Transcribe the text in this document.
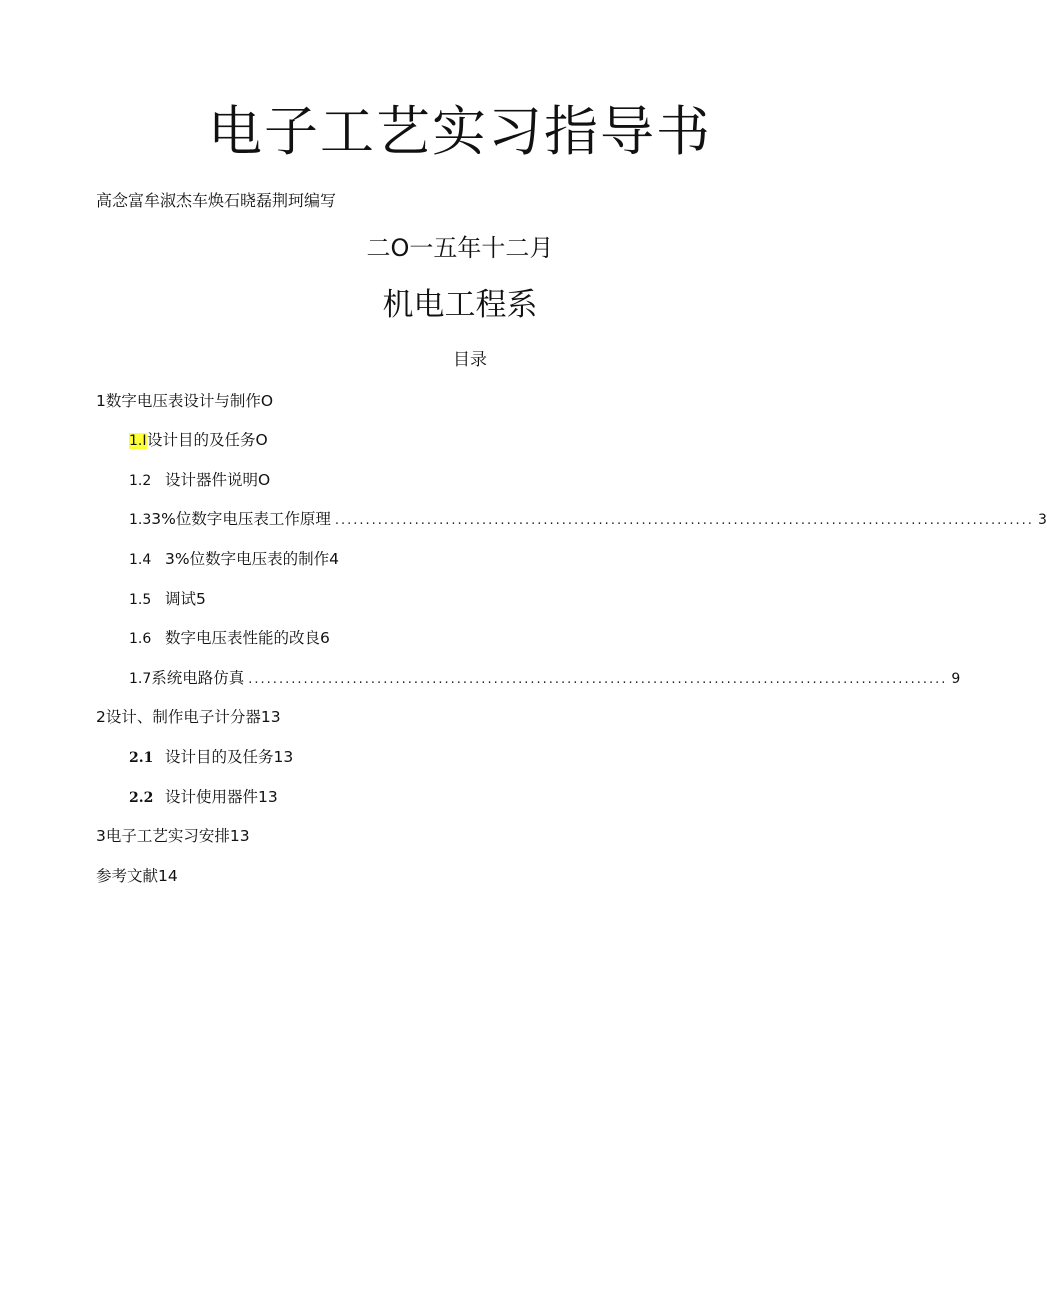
电子工艺实习指导书
高念富牟淑杰车焕石晓磊荆珂编写
二O一五年十二月
机电工程系
目录
1数字电压表设计与制作O
1.I 设计目的及任务O
1.2 设计器件说明O
1.3 3%位数字电压表工作原理 .................................................................................................................. 3
1.4 3%位数字电压表的制作4
1.5 调试5
1.6 数字电压表性能的改良6
1.7 系统电路仿真 .................................................................................................................. 9
2设计、制作电子计分器13
2.1 设计目的及任务13
2.2 设计使用器件13
3电子工艺实习安排13
参考文献14
